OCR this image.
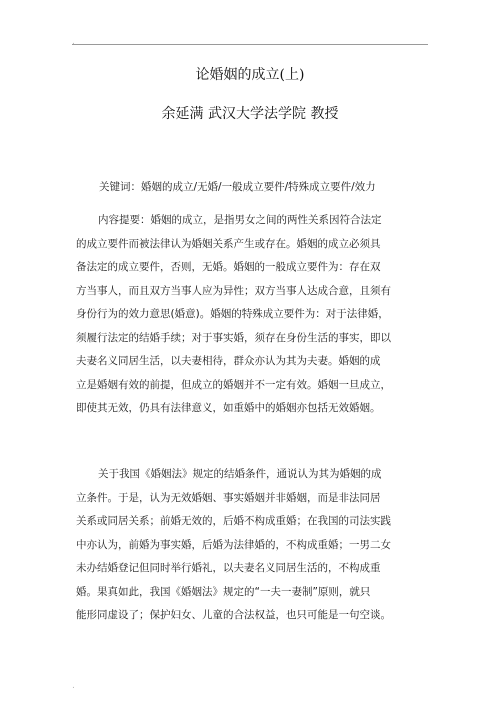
.
论婚姻的成立(上)
余延满 武汉大学法学院 教授
关键词：婚姻的成立/无婚/一般成立要件/特殊成立要件/效力
内容提要：婚姻的成立，是指男女之间的两性关系因符合法定
的成立要件而被法律认为婚姻关系产生或存在。婚姻的成立必须具
备法定的成立要件，否则，无婚。婚姻的一般成立要件为：存在双
方当事人，而且双方当事人应为异性；双方当事人达成合意，且须有
身份行为的效力意思(婚意)。婚姻的特殊成立要件为：对于法律婚，
须履行法定的结婚手续；对于事实婚，须存在身份生活的事实，即以
夫妻名义同居生活，以夫妻相待，群众亦认为其为夫妻。婚姻的成
立是婚姻有效的前提，但成立的婚姻并不一定有效。婚姻一旦成立，
即使其无效，仍具有法律意义，如重婚中的婚姻亦包括无效婚姻。
关于我国《婚姻法》规定的结婚条件，通说认为其为婚姻的成
立条件。于是，认为无效婚姻、事实婚姻并非婚姻，而是非法同居
关系或同居关系；前婚无效的，后婚不构成重婚；在我国的司法实践
中亦认为，前婚为事实婚，后婚为法律婚的，不构成重婚；一男二女
未办结婚登记但同时举行婚礼，以夫妻名义同居生活的，不构成重
婚。果真如此，我国《婚姻法》规定的“一夫一妻制”原则，就只
能形同虚设了；保护妇女、儿童的合法权益，也只可能是一句空谈。
.
